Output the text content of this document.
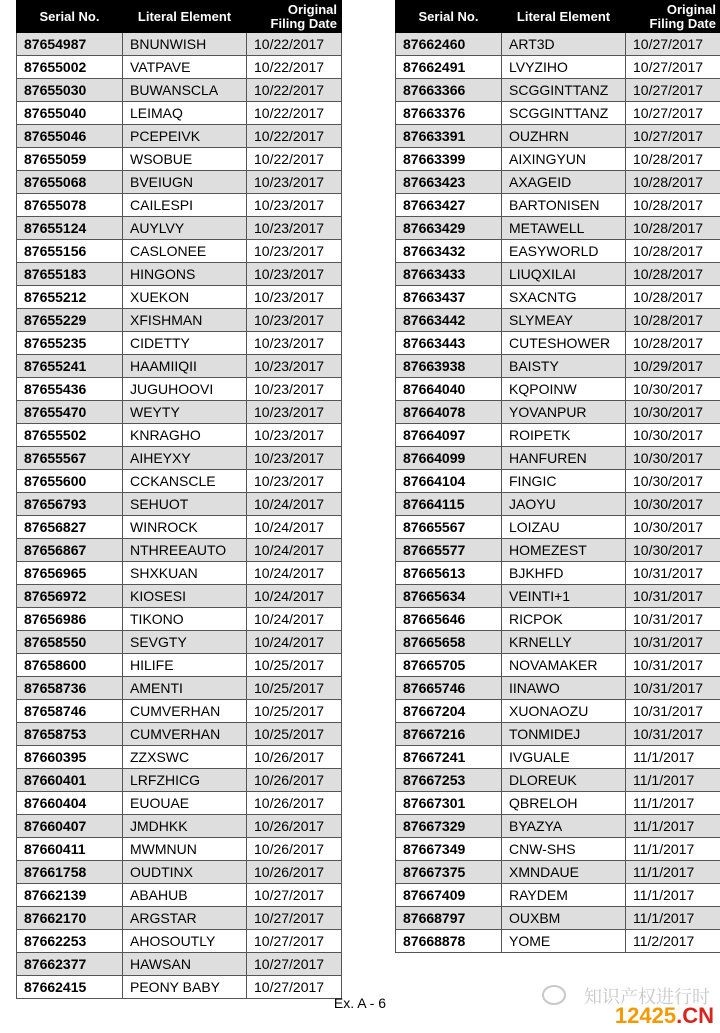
Serial No.	Literal Element	Original
Filing Date
87654987	BNUNWISH	10/22/2017
87655002	VATPAVE	10/22/2017
87655030	BUWANSCLA	10/22/2017
87655040	LEIMAQ	10/22/2017
87655046	PCEPEIVK	10/22/2017
87655059	WSOBUE	10/22/2017
87655068	BVEIUGN	10/23/2017
87655078	CAILESPI	10/23/2017
87655124	AUYLVY	10/23/2017
87655156	CASLONEE	10/23/2017
87655183	HINGONS	10/23/2017
87655212	XUEKON	10/23/2017
87655229	XFISHMAN	10/23/2017
87655235	CIDETTY	10/23/2017
87655241	HAAMIIQII	10/23/2017
87655436	JUGUHOOVI	10/23/2017
87655470	WEYTY	10/23/2017
87655502	KNRAGHO	10/23/2017
87655567	AIHEYXY	10/23/2017
87655600	CCKANSCLE	10/23/2017
87656793	SEHUOT	10/24/2017
87656827	WINROCK	10/24/2017
87656867	NTHREEAUTO	10/24/2017
87656965	SHXKUAN	10/24/2017
87656972	KIOSESI	10/24/2017
87656986	TIKONO	10/24/2017
87658550	SEVGTY	10/24/2017
87658600	HILIFE	10/25/2017
87658736	AMENTI	10/25/2017
87658746	CUMVERHAN	10/25/2017
87658753	CUMVERHAN	10/25/2017
87660395	ZZXSWC	10/26/2017
87660401	LRFZHICG	10/26/2017
87660404	EUOUAE	10/26/2017
87660407	JMDHKK	10/26/2017
87660411	MWMNUN	10/26/2017
87661758	OUDTINX	10/26/2017
87662139	ABAHUB	10/27/2017
87662170	ARGSTAR	10/27/2017
87662253	AHOSOUTLY	10/27/2017
87662377	HAWSAN	10/27/2017
87662415	PEONY BABY	10/27/2017
Serial No.	Literal Element	Original
Filing Date
87662460	ART3D	10/27/2017
87662491	LVYZIHO	10/27/2017
87663366	SCGGINTTANZ	10/27/2017
87663376	SCGGINTTANZ	10/27/2017
87663391	OUZHRN	10/27/2017
87663399	AIXINGYUN	10/28/2017
87663423	AXAGEID	10/28/2017
87663427	BARTONISEN	10/28/2017
87663429	METAWELL	10/28/2017
87663432	EASYWORLD	10/28/2017
87663433	LIUQXILAI	10/28/2017
87663437	SXACNTG	10/28/2017
87663442	SLYMEAY	10/28/2017
87663443	CUTESHOWER	10/28/2017
87663938	BAISTY	10/29/2017
87664040	KQPOINW	10/30/2017
87664078	YOVANPUR	10/30/2017
87664097	ROIPETK	10/30/2017
87664099	HANFUREN	10/30/2017
87664104	FINGIC	10/30/2017
87664115	JAOYU	10/30/2017
87665567	LOIZAU	10/30/2017
87665577	HOMEZEST	10/30/2017
87665613	BJKHFD	10/31/2017
87665634	VEINTI+1	10/31/2017
87665646	RICPOK	10/31/2017
87665658	KRNELLY	10/31/2017
87665705	NOVAMAKER	10/31/2017
87665746	IINAWO	10/31/2017
87667204	XUONAOZU	10/31/2017
87667216	TONMIDEJ	10/31/2017
87667241	IVGUALE	11/1/2017
87667253	DLOREUK	11/1/2017
87667301	QBRELOH	11/1/2017
87667329	BYAZYA	11/1/2017
87667349	CNW-SHS	11/1/2017
87667375	XMNDAUE	11/1/2017
87667409	RAYDEM	11/1/2017
87668797	OUXBM	11/1/2017
87668878	YOME	11/2/2017
Ex. A - 6	知识产权进行时
12425.CN
